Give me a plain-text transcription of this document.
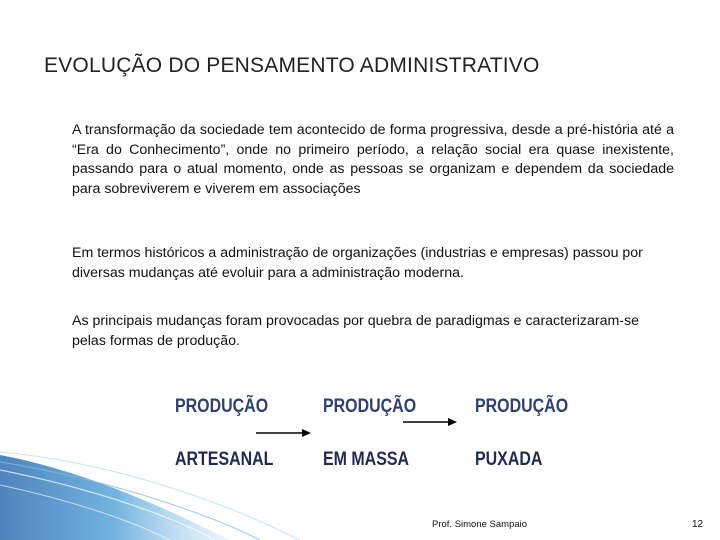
EVOLUÇÃO DO PENSAMENTO ADMINISTRATIVO
A transformação da sociedade tem acontecido de forma progressiva, desde a pré-história até a “Era do Conhecimento”, onde no primeiro período, a relação social era quase inexistente, passando para o atual momento, onde as pessoas se organizam e dependem da sociedade para sobreviverem e viverem em associações
Em termos históricos a administração de organizações (industrias e empresas) passou por diversas mudanças até evoluir para a administração moderna.
As principais mudanças foram provocadas por quebra de paradigmas e caracterizaram-se pelas formas de produção.
PRODUÇÃO
ARTESANAL
PRODUÇÃO
EM MASSA
PRODUÇÃO
PUXADA
Prof. Simone Sampaio	12
